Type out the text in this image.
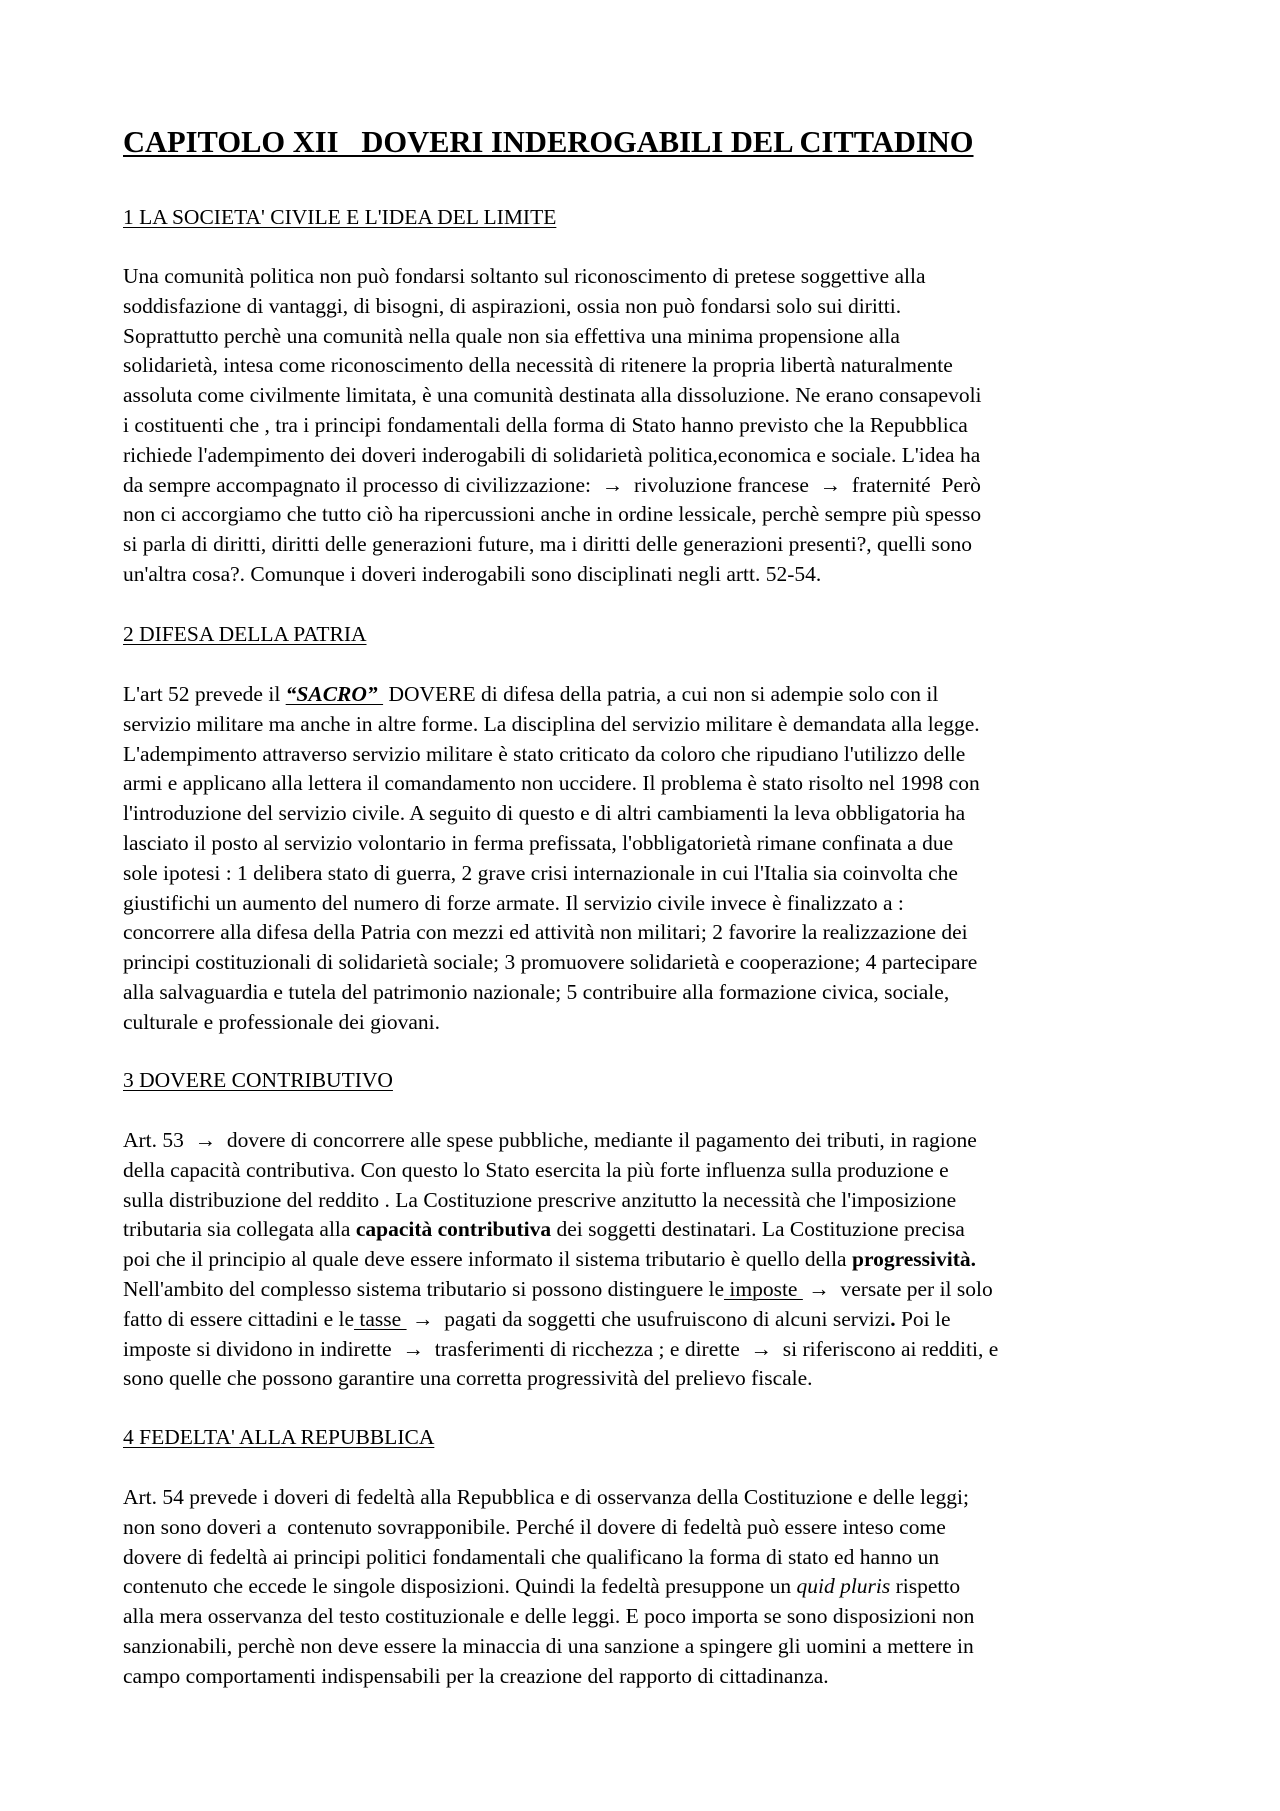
CAPITOLO XII   DOVERI INDEROGABILI DEL CITTADINO
1 LA SOCIETA' CIVILE E L'IDEA DEL LIMITE
Una comunità politica non può fondarsi soltanto sul riconoscimento di pretese soggettive alla
soddisfazione di vantaggi, di bisogni, di aspirazioni, ossia non può fondarsi solo sui diritti.
Soprattutto perchè una comunità nella quale non sia effettiva una minima propensione alla
solidarietà, intesa come riconoscimento della necessità di ritenere la propria libertà naturalmente
assoluta come civilmente limitata, è una comunità destinata alla dissoluzione. Ne erano consapevoli
i costituenti che , tra i principi fondamentali della forma di Stato hanno previsto che la Repubblica
richiede l'adempimento dei doveri inderogabili di solidarietà politica,economica e sociale. L'idea ha
da sempre accompagnato il processo di civilizzazione:  →  rivoluzione francese  →  fraternité  Però
non ci accorgiamo che tutto ciò ha ripercussioni anche in ordine lessicale, perchè sempre più spesso
si parla di diritti, diritti delle generazioni future, ma i diritti delle generazioni presenti?, quelli sono
un'altra cosa?. Comunque i doveri inderogabili sono disciplinati negli artt. 52-54.
2 DIFESA DELLA PATRIA
L'art 52 prevede il “SACRO”  DOVERE di difesa della patria, a cui non si adempie solo con il
servizio militare ma anche in altre forme. La disciplina del servizio militare è demandata alla legge.
L'adempimento attraverso servizio militare è stato criticato da coloro che ripudiano l'utilizzo delle
armi e applicano alla lettera il comandamento non uccidere. Il problema è stato risolto nel 1998 con
l'introduzione del servizio civile. A seguito di questo e di altri cambiamenti la leva obbligatoria ha
lasciato il posto al servizio volontario in ferma prefissata, l'obbligatorietà rimane confinata a due
sole ipotesi : 1 delibera stato di guerra, 2 grave crisi internazionale in cui l'Italia sia coinvolta che
giustifichi un aumento del numero di forze armate. Il servizio civile invece è finalizzato a :
concorrere alla difesa della Patria con mezzi ed attività non militari; 2 favorire la realizzazione dei
principi costituzionali di solidarietà sociale; 3 promuovere solidarietà e cooperazione; 4 partecipare
alla salvaguardia e tutela del patrimonio nazionale; 5 contribuire alla formazione civica, sociale,
culturale e professionale dei giovani.
3 DOVERE CONTRIBUTIVO
Art. 53  →  dovere di concorrere alle spese pubbliche, mediante il pagamento dei tributi, in ragione
della capacità contributiva. Con questo lo Stato esercita la più forte influenza sulla produzione e
sulla distribuzione del reddito . La Costituzione prescrive anzitutto la necessità che l'imposizione
tributaria sia collegata alla capacità contributiva dei soggetti destinatari. La Costituzione precisa
poi che il principio al quale deve essere informato il sistema tributario è quello della progressività.
Nell'ambito del complesso sistema tributario si possono distinguere le imposte  →  versate per il solo
fatto di essere cittadini e le tasse  →  pagati da soggetti che usufruiscono di alcuni servizi. Poi le
imposte si dividono in indirette  →  trasferimenti di ricchezza ; e dirette  →  si riferiscono ai redditi, e
sono quelle che possono garantire una corretta progressività del prelievo fiscale.
4 FEDELTA' ALLA REPUBBLICA
Art. 54 prevede i doveri di fedeltà alla Repubblica e di osservanza della Costituzione e delle leggi;
non sono doveri a  contenuto sovrapponibile. Perché il dovere di fedeltà può essere inteso come
dovere di fedeltà ai principi politici fondamentali che qualificano la forma di stato ed hanno un
contenuto che eccede le singole disposizioni. Quindi la fedeltà presuppone un quid pluris rispetto
alla mera osservanza del testo costituzionale e delle leggi. E poco importa se sono disposizioni non
sanzionabili, perchè non deve essere la minaccia di una sanzione a spingere gli uomini a mettere in
campo comportamenti indispensabili per la creazione del rapporto di cittadinanza.
